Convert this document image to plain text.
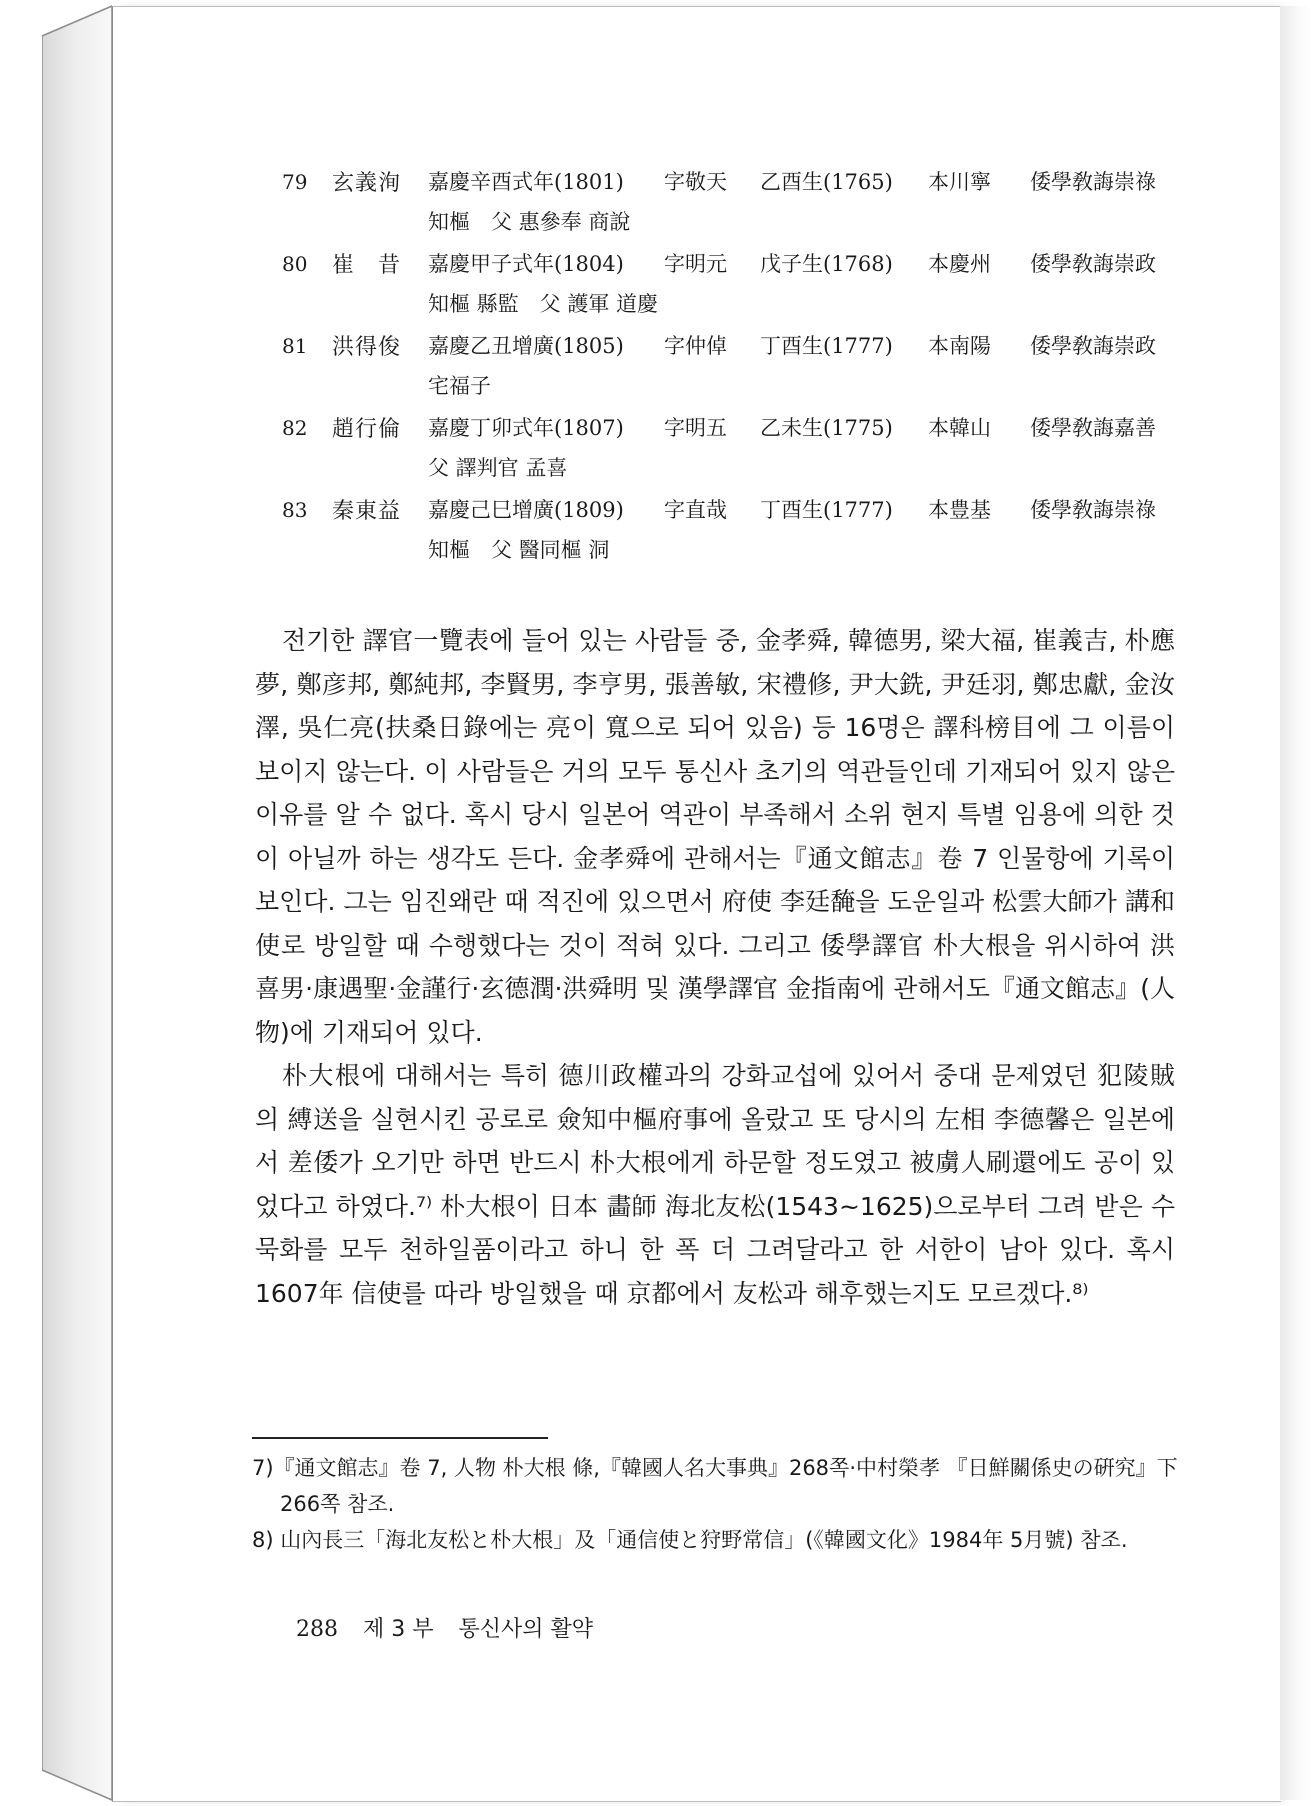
79	玄義洵	嘉慶辛酉式年(1801) 字敬天 乙酉生(1765) 本川寧 倭學敎誨崇祿
知樞　父 惠參奉 商說
80	崔　昔	嘉慶甲子式年(1804) 字明元 戊子生(1768) 本慶州 倭學敎誨崇政
知樞 縣監　父 護軍 道慶
81	洪得俊	嘉慶乙丑增廣(1805) 字仲倬 丁酉生(1777) 本南陽 倭學敎誨崇政
宅福子
82	趙行倫	嘉慶丁卯式年(1807) 字明五 乙未生(1775) 本韓山 倭學敎誨嘉善
父 譯判官 孟喜
83	秦東益	嘉慶己巳增廣(1809) 字直哉 丁酉生(1777) 本豊基 倭學敎誨崇祿
知樞　父 醫同樞 洞

전기한 譯官一覽表에 들어 있는 사람들 중, 金孝舜, 韓德男, 梁大福, 崔義吉, 朴應夢, 鄭彦邦, 鄭純邦, 李賢男, 李亨男, 張善敏, 宋禮修, 尹大銑, 尹廷羽, 鄭忠獻, 金汝澤, 吳仁亮(扶桑日錄에는 亮이 寬으로 되어 있음) 등 16명은 譯科榜目에 그 이름이 보이지 않는다. 이 사람들은 거의 모두 통신사 초기의 역관들인데 기재되어 있지 않은 이유를 알 수 없다. 혹시 당시 일본어 역관이 부족해서 소위 현지 특별 임용에 의한 것이 아닐까 하는 생각도 든다. 金孝舜에 관해서는『通文館志』卷 7 인물항에 기록이 보인다. 그는 임진왜란 때 적진에 있으면서 府使 李廷馣을 도운일과 松雲大師가 講和使로 방일할 때 수행했다는 것이 적혀 있다. 그리고 倭學譯官 朴大根을 위시하여 洪喜男·康遇聖·金謹行·玄德潤·洪舜明 및 漢學譯官 金指南에 관해서도『通文館志』(人物)에 기재되어 있다.

朴大根에 대해서는 특히 德川政權과의 강화교섭에 있어서 중대 문제였던 犯陵賊의 縛送을 실현시킨 공로로 僉知中樞府事에 올랐고 또 당시의 左相 李德馨은 일본에서 差倭가 오기만 하면 반드시 朴大根에게 하문할 정도였고 被虜人刷還에도 공이 있었다고 하였다.⁷⁾ 朴大根이 日本 畵師 海北友松(1543~1625)으로부터 그려 받은 수묵화를 모두 천하일품이라고 하니 한 폭 더 그려달라고 한 서한이 남아 있다. 혹시 1607年 信使를 따라 방일했을 때 京都에서 友松과 해후했는지도 모르겠다.⁸⁾

7)『通文館志』卷 7, 人物 朴大根 條,『韓國人名大事典』268쪽·中村榮孝 『日鮮關係史の硏究』下 266쪽 참조.

8) 山內長三「海北友松と朴大根」及「通信使と狩野常信」(《韓國文化》1984年 5月號) 참조.

288 제 3 부 통신사의 활약
